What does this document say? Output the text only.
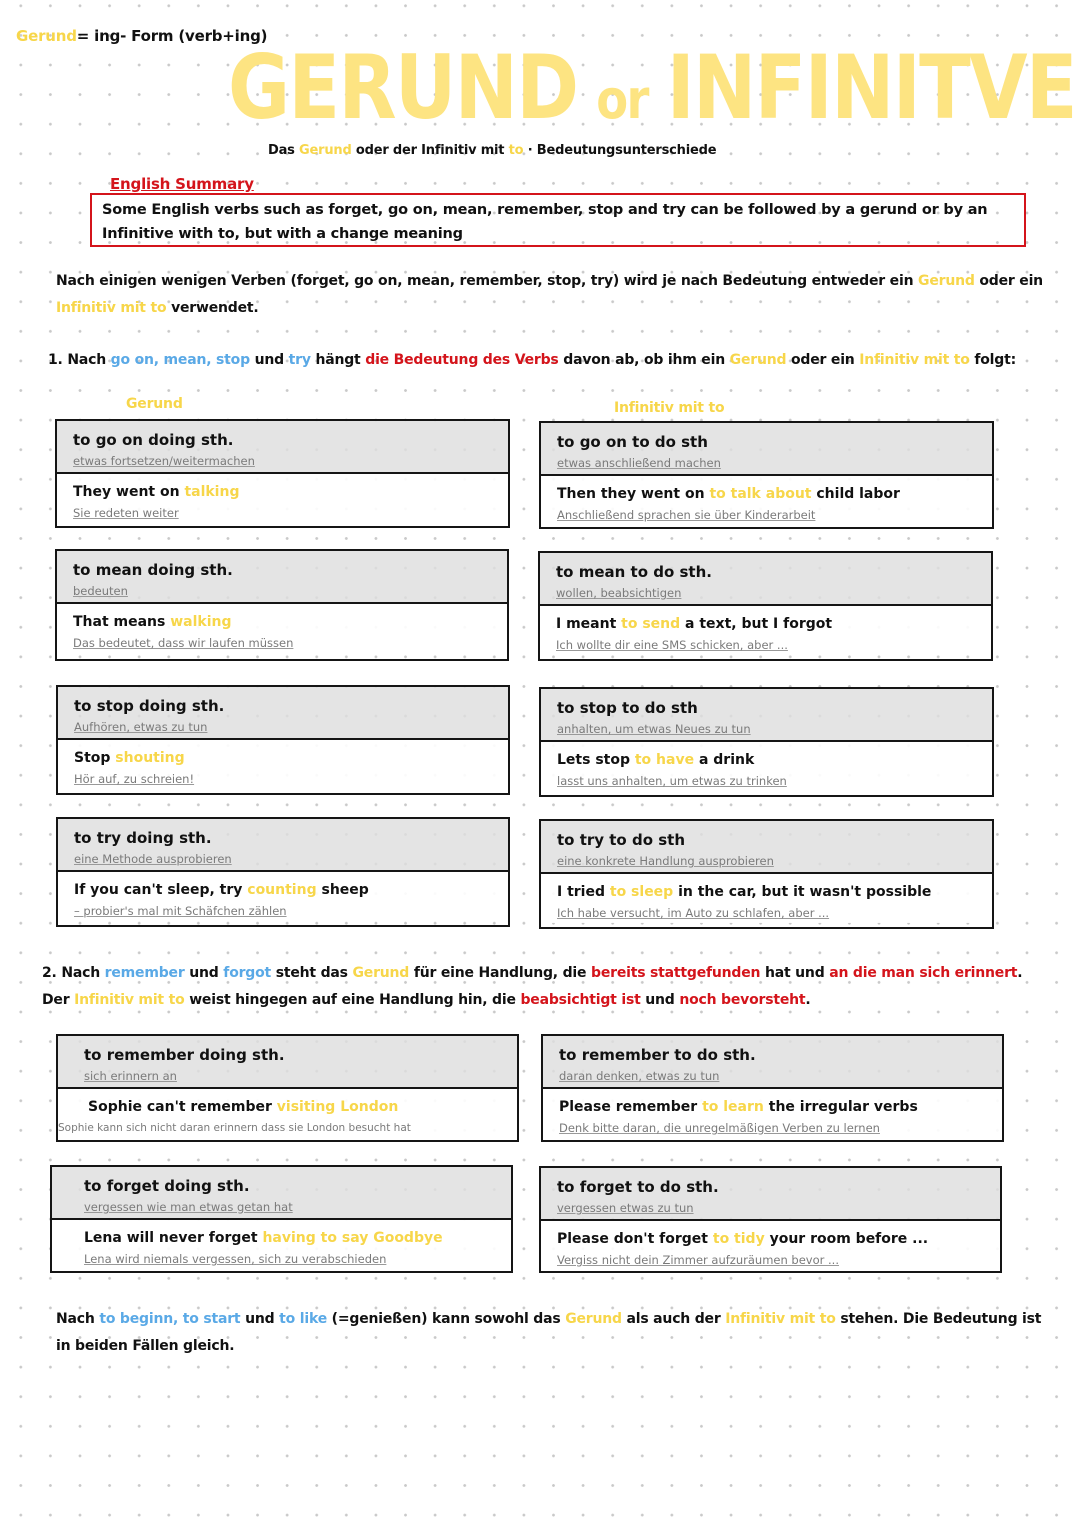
Gerund= ing- Form (verb+ing)
GERUND or INFINITVE
Das Gerund oder der Infinitiv mit to · Bedeutungsunterschiede
English Summary
Some English verbs such as forget, go on, mean, remember, stop and try can be followed by a gerund or by an Infinitive with to, but with a change meaning
Nach einigen wenigen Verben (forget, go on, mean, remember, stop, try) wird je nach Bedeutung entweder ein Gerund oder ein Infinitiv mit to verwendet.
1. Nach go on, mean, stop und try hängt die Bedeutung des Verbs davon ab, ob ihm ein Gerund oder ein Infinitiv mit to folgt:
Gerund	Infinitiv mit to
to go on doing sth.
etwas fortsetzen/weitermachen
They went on talking
Sie redeten weiter
to go on to do sth
etwas anschließend machen
Then they went on to talk about child labor
Anschließend sprachen sie über Kinderarbeit
to mean doing sth.
bedeuten
That means walking
Das bedeutet, dass wir laufen müssen
to mean to do sth.
wollen, beabsichtigen
I meant to send a text, but I forgot
Ich wollte dir eine SMS schicken, aber ...
to stop doing sth.
Aufhören, etwas zu tun
Stop shouting
Hör auf, zu schreien!
to stop to do sth
anhalten, um etwas Neues zu tun
Lets stop to have a drink
lasst uns anhalten, um etwas zu trinken
to try doing sth.
eine Methode ausprobieren
If you can't sleep, try counting sheep
– probier's mal mit Schäfchen zählen
to try to do sth
eine konkrete Handlung ausprobieren
I tried to sleep in the car, but it wasn't possible
Ich habe versucht, im Auto zu schlafen, aber ...
2. Nach remember und forgot steht das Gerund für eine Handlung, die bereits stattgefunden hat und an die man sich erinnert. Der Infinitiv mit to weist hingegen auf eine Handlung hin, die beabsichtigt ist und noch bevorsteht.
to remember doing sth.
sich erinnern an
Sophie can't remember visiting London
Sophie kann sich nicht daran erinnern dass sie London besucht hat
to remember to do sth.
daran denken, etwas zu tun
Please remember to learn the irregular verbs
Denk bitte daran, die unregelmäßigen Verben zu lernen
to forget doing sth.
vergessen wie man etwas getan hat
Lena will never forget having to say Goodbye
Lena wird niemals vergessen, sich zu verabschieden
to forget to do sth.
vergessen etwas zu tun
Please don't forget to tidy your room before ...
Vergiss nicht dein Zimmer aufzuräumen bevor ...
Nach to beginn, to start und to like (=genießen) kann sowohl das Gerund als auch der Infinitiv mit to stehen. Die Bedeutung ist in beiden Fällen gleich.
